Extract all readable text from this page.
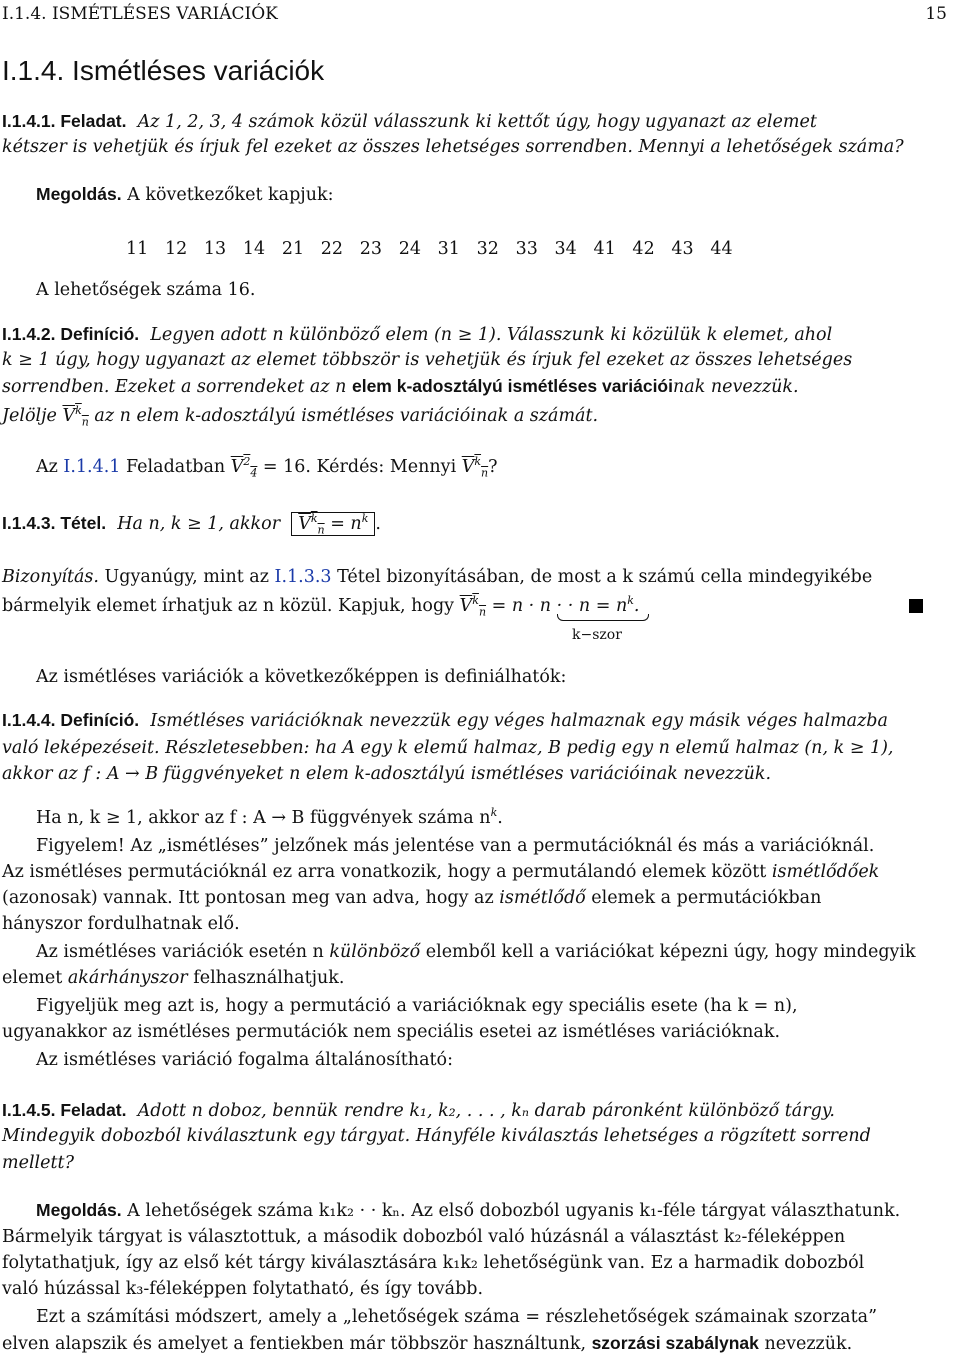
I.1.4. ISMÉTLÉSES VARIÁCIÓK	15
I.1.4. Ismétléses variációk
I.1.4.1. Feladat. Az 1, 2, 3, 4 számok közül válasszunk ki kettőt úgy, hogy ugyanazt az elemet
kétszer is vehetjük és írjuk fel ezeket az összes lehetséges sorrendben. Mennyi a lehetőségek száma?
Megoldás. A következőket kapjuk:
11   12   13   14   21   22   23   24   31   32   33   34   41   42   43   44
A lehetőségek száma 16.
I.1.4.2. Definíció. Legyen adott n különböző elem (n ≥ 1). Válasszunk ki közülük k elemet, ahol
k ≥ 1 úgy, hogy ugyanazt az elemet többször is vehetjük és írjuk fel ezeket az összes lehetséges
sorrendben. Ezeket a sorrendeket az n elem k-adosztályú ismétléses variációinak nevezzük.
Jelölje $V^k_n$ az n elem k-adosztályú ismétléses variációinak a számát.
Az I.1.4.1 Feladatban $V^2_4 = 16$. Kérdés: Mennyi $V^k_n$?
I.1.4.3. Tétel. Ha n, k ≥ 1, akkor $V^k_n = n^k$ .
Bizonyítás. Ugyanúgy, mint az I.1.3.3 Tétel bizonyításában, de most a k számú cella mindegyikébe
bármelyik elemet írhatjuk az n közül. Kapjuk, hogy $V^k_n = n \cdot n$ · · $n = n^k$.
k−szor
Az ismétléses variációk a következőképpen is definiálhatók:
I.1.4.4. Definíció. Ismétléses variációknak nevezzük egy véges halmaznak egy másik véges halmazba
való leképezéseit. Részletesebben: ha A egy k elemű halmaz, B pedig egy n elemű halmaz (n, k ≥ 1),
akkor az f : A → B függvényeket n elem k-adosztályú ismétléses variációinak nevezzük.
Ha n, k ≥ 1, akkor az f : A → B függvények száma $n^k$.
Figyelem! Az „ismétléses” jelzőnek más jelentése van a permutációknál és más a variációknál.
Az ismétléses permutációknál ez arra vonatkozik, hogy a permutálandó elemek között ismétlődőek
(azonosak) vannak. Itt pontosan meg van adva, hogy az ismétlődő elemek a permutációkban
hányszor fordulhatnak elő.
Az ismétléses variációk esetén n különböző elemből kell a variációkat képezni úgy, hogy mindegyik
elemet akárhányszor felhasználhatjuk.
Figyeljük meg azt is, hogy a permutáció a variációknak egy speciális esete (ha k = n),
ugyanakkor az ismétléses permutációk nem speciális esetei az ismétléses variációknak.
Az ismétléses variáció fogalma általánosítható:
I.1.4.5. Feladat. Adott n doboz, bennük rendre k₁, k₂, . . . , kₙ darab páronként különböző tárgy.
Mindegyik dobozból kiválasztunk egy tárgyat. Hányféle kiválasztás lehetséges a rögzített sorrend
mellett?
Megoldás. A lehetőségek száma k₁k₂ · · kₙ. Az első dobozból ugyanis k₁-féle tárgyat választhatunk.
Bármelyik tárgyat is választottuk, a második dobozból való húzásnál a választást k₂-féleképpen
folytathatjuk, így az első két tárgy kiválasztására k₁k₂ lehetőségünk van. Ez a harmadik dobozból
való húzással k₃-féleképpen folytatható, és így tovább.
Ezt a számítási módszert, amely a „lehetőségek száma = részlehetőségek számainak szorzata”
elven alapszik és amelyet a fentiekben már többször használtunk, szorzási szabálynak nevezzük.
